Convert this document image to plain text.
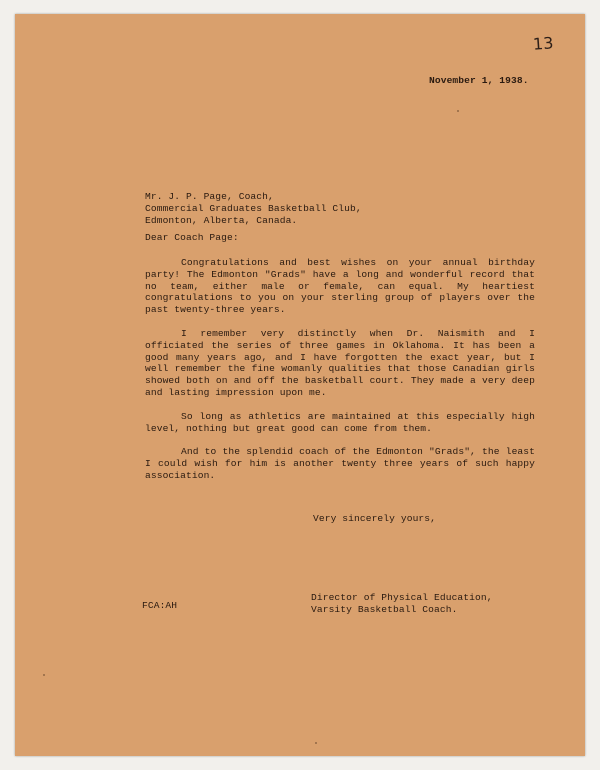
13
November 1, 1938.
Mr. J. P. Page, Coach,
Commercial Graduates Basketball Club,
Edmonton, Alberta, Canada.
Dear Coach Page:

Congratulations and best wishes on your annual birthday party! The Edmonton "Grads" have a long and wonderful record that no team, either male or female, can equal. My heartiest congratulations to you on your sterling group of players over the past twenty-three years.

I remember very distinctly when Dr. Naismith and I officiated the series of three games in Oklahoma. It has been a good many years ago, and I have forgotten the exact year, but I well remember the fine womanly qualities that those Canadian girls showed both on and off the basketball court. They made a very deep and lasting impression upon me.

So long as athletics are maintained at this especially high level, nothing but great good can come from them.

And to the splendid coach of the Edmonton "Grads", the least I could wish for him is another twenty three years of such happy association.

Very sincerely yours,
FCA:AH
Director of Physical Education,
Varsity Basketball Coach.
